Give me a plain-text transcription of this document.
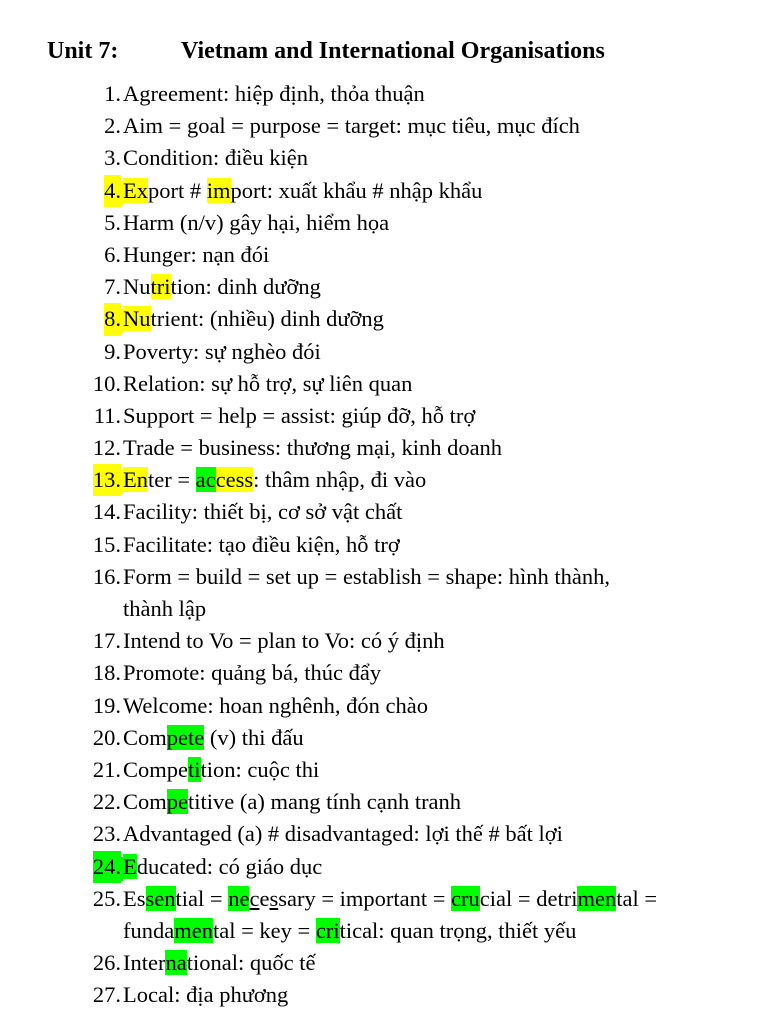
Unit 7:	Vietnam and International Organisations
1. Agreement: hiệp định, thỏa thuận
2. Aim = goal = purpose = target: mục tiêu, mục đích
3. Condition: điều kiện
4. Export # import: xuất khẩu # nhập khẩu
5. Harm (n/v) gây hại, hiểm họa
6. Hunger: nạn đói
7. Nutrition: dinh dưỡng
8. Nutrient: (nhiều) dinh dưỡng
9. Poverty: sự nghèo đói
10. Relation: sự hỗ trợ, sự liên quan
11. Support = help = assist: giúp đỡ, hỗ trợ
12. Trade = business: thương mại, kinh doanh
13. Enter = access: thâm nhập, đi vào
14. Facility: thiết bị, cơ sở vật chất
15. Facilitate: tạo điều kiện, hỗ trợ
16. Form = build = set up = establish = shape: hình thành,
thành lập
17. Intend to Vo = plan to Vo: có ý định
18. Promote: quảng bá, thúc đẩy
19. Welcome: hoan nghênh, đón chào
20. Compete (v) thi đấu
21. Competition: cuộc thi
22. Competitive (a) mang tính cạnh tranh
23. Advantaged (a) # disadvantaged: lợi thế # bất lợi
24. Educated: có giáo dục
25. Essential = necessary = important = crucial = detrimental =
fundamental = key = critical: quan trọng, thiết yếu
26. International: quốc tế
27. Local: địa phương
